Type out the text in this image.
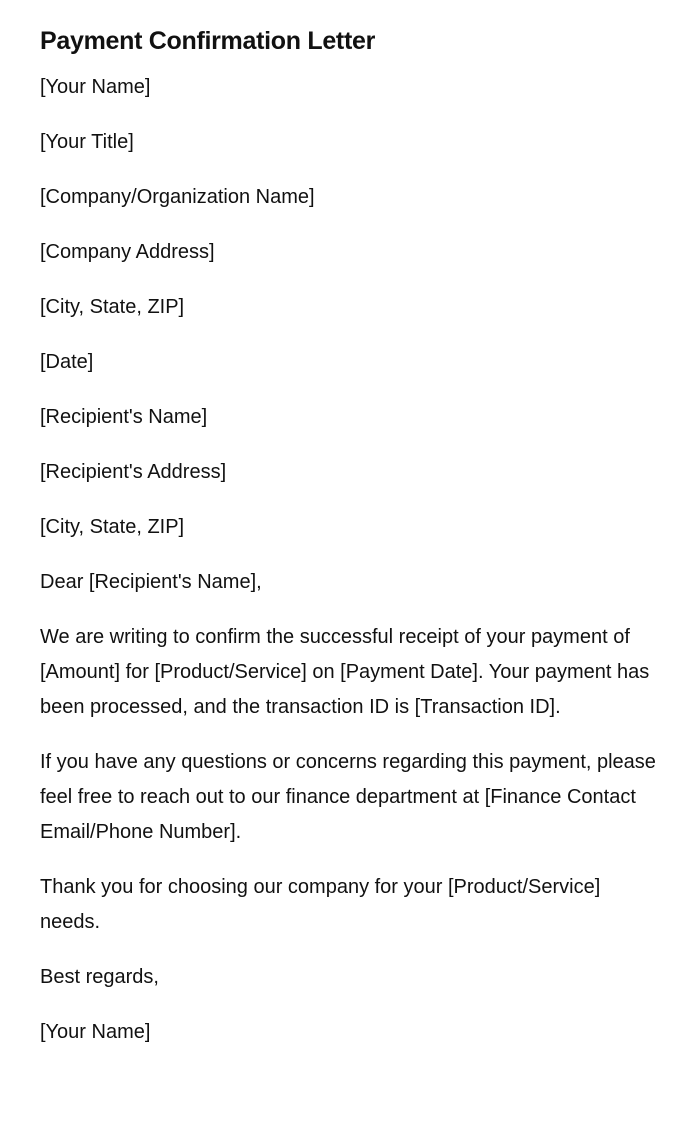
Payment Confirmation Letter

[Your Name]

[Your Title]

[Company/Organization Name]

[Company Address]

[City, State, ZIP]

[Date]

[Recipient's Name]

[Recipient's Address]

[City, State, ZIP]

Dear [Recipient's Name],

We are writing to confirm the successful receipt of your payment of [Amount] for [Product/Service] on [Payment Date]. Your payment has been processed, and the transaction ID is [Transaction ID].

If you have any questions or concerns regarding this payment, please feel free to reach out to our finance department at [Finance Contact Email/Phone Number].

Thank you for choosing our company for your [Product/Service] needs.

Best regards,

[Your Name]
